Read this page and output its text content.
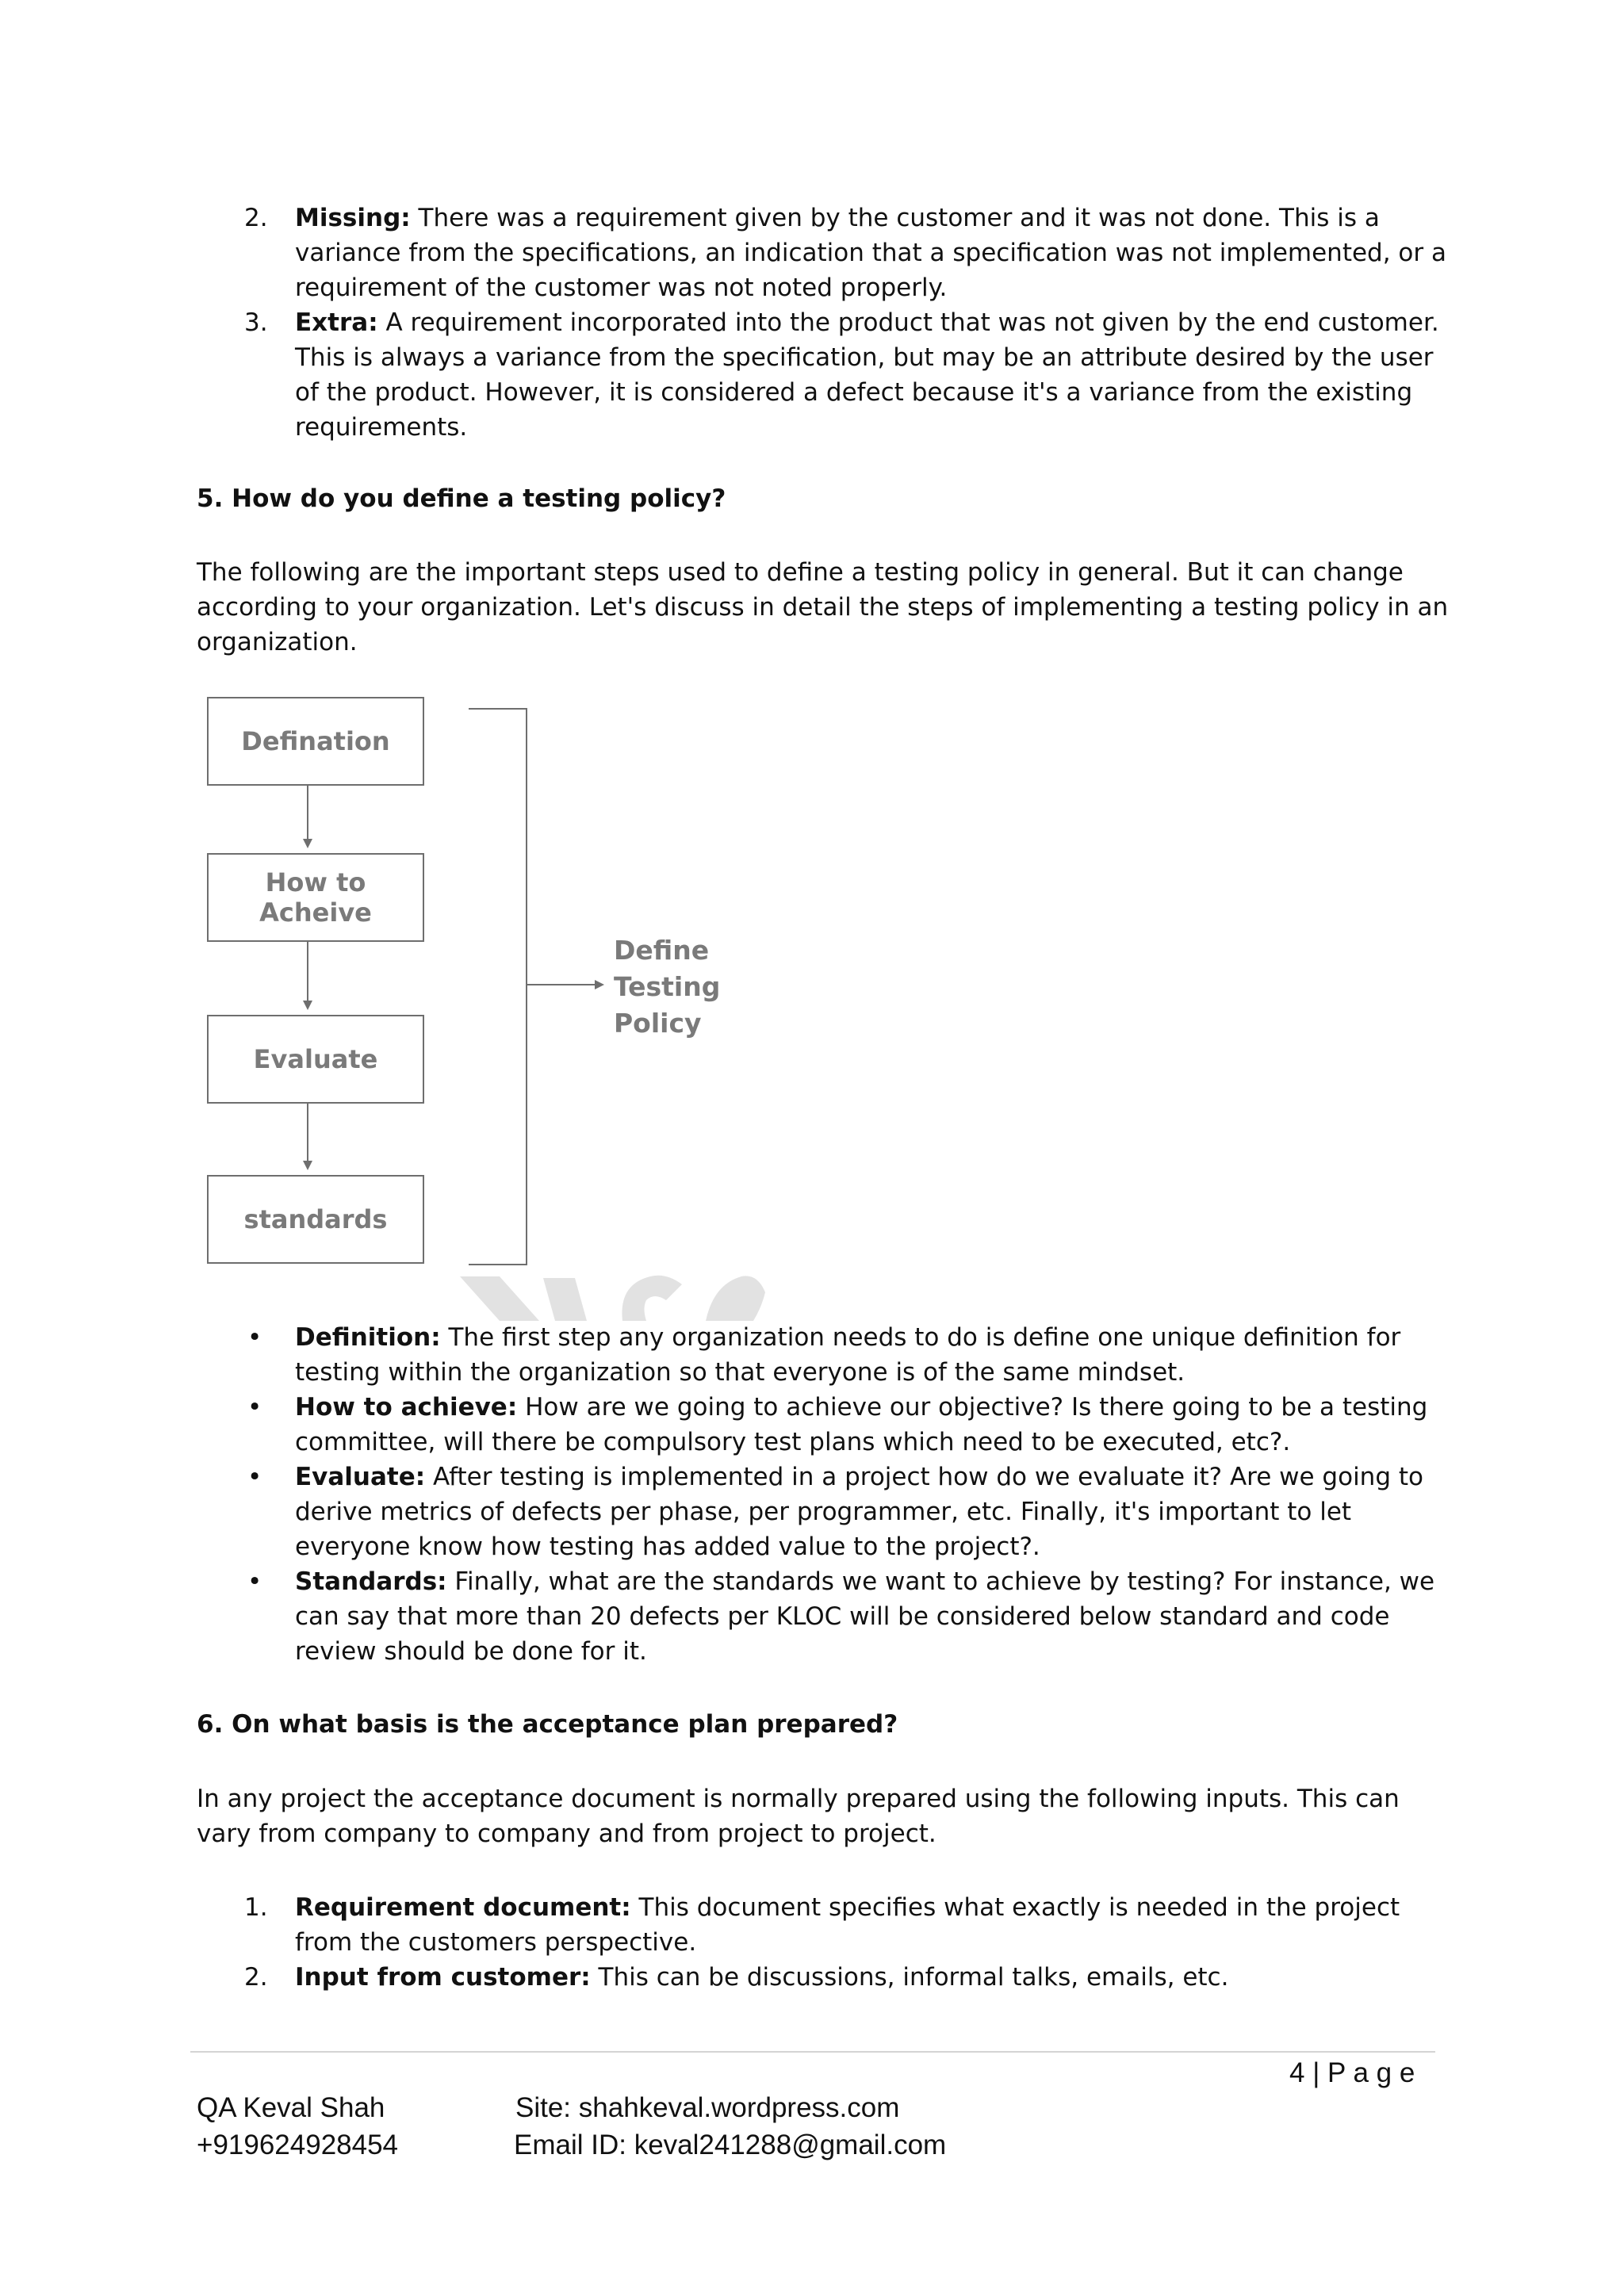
2. Missing: There was a requirement given by the customer and it was not done. This is a variance from the specifications, an indication that a specification was not implemented, or a requirement of the customer was not noted properly.
3. Extra: A requirement incorporated into the product that was not given by the end customer. This is always a variance from the specification, but may be an attribute desired by the user of the product. However, it is considered a defect because it's a variance from the existing requirements.
5. How do you define a testing policy?
The following are the important steps used to define a testing policy in general. But it can change according to your organization. Let's discuss in detail the steps of implementing a testing policy in an organization.
Defination
How to Acheive
Evaluate
standards
Define Testing Policy
• Definition: The first step any organization needs to do is define one unique definition for testing within the organization so that everyone is of the same mindset.
• How to achieve: How are we going to achieve our objective? Is there going to be a testing committee, will there be compulsory test plans which need to be executed, etc?.
• Evaluate: After testing is implemented in a project how do we evaluate it? Are we going to derive metrics of defects per phase, per programmer, etc. Finally, it's important to let everyone know how testing has added value to the project?.
• Standards: Finally, what are the standards we want to achieve by testing? For instance, we can say that more than 20 defects per KLOC will be considered below standard and code review should be done for it.
6. On what basis is the acceptance plan prepared?
In any project the acceptance document is normally prepared using the following inputs. This can vary from company to company and from project to project.
1. Requirement document: This document specifies what exactly is needed in the project from the customers perspective.
2. Input from customer: This can be discussions, informal talks, emails, etc.
4 | P a g e
QA Keval Shah
+919624928454
Site: shahkeval.wordpress.com
Email ID: keval241288@gmail.com
